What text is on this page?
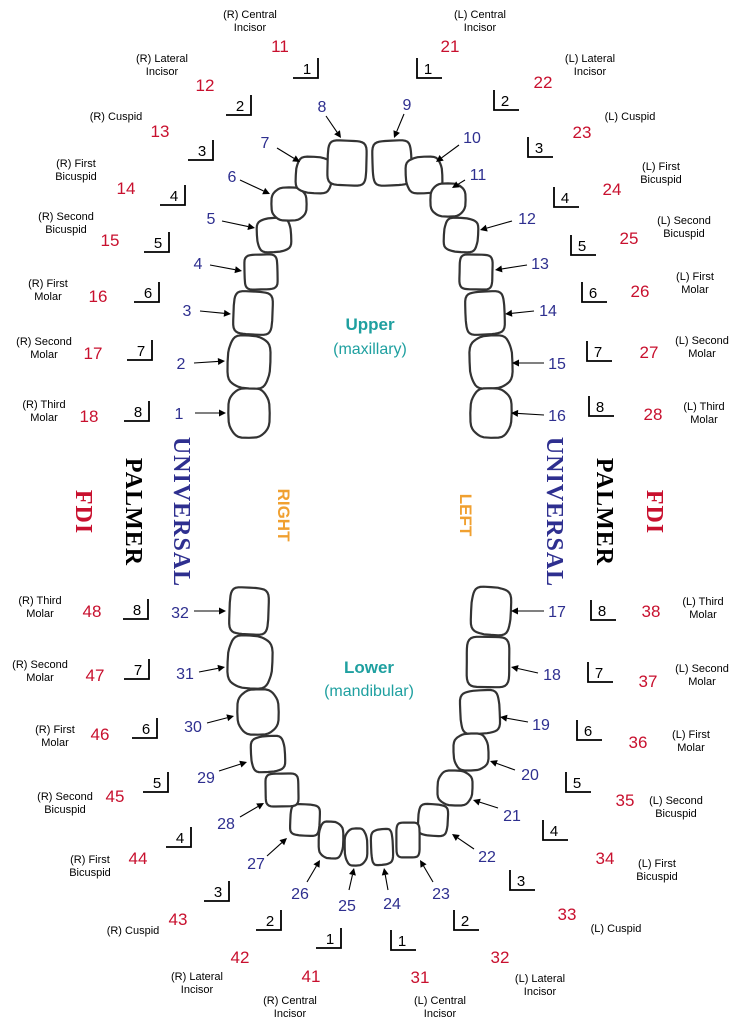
1
8
18
(R) Third
Molar
2
7
17
(R) Second
Molar
3
6
16
(R) First
Molar
4
5
15
(R) Second
Bicuspid
5
4
14
(R) First
Bicuspid	6
3
13
(R) Cuspid
7
2
12
(R) Lateral
Incisor
8
1
11
(R) Central
Incisor
9
1
21
(L) Central
Incisor
10
2
22
(L) Lateral
Incisor
11
3
23
(L) Cuspid
12
4 24
(L) First
Bicuspid
13
5 25
(L) Second
Bicuspid
14
6 26
(L) First
Molar
15
7 27
(L) Second
Molar
16
8 28 (L) Third
Molar
17 8 38 (L) Third
Molar
18 7 37
(L) Second
Molar
19 6
36 (L) First
Molar
20 5
35 (L) Second
Bicuspid
21
4
34 (L) First
Bicuspid
22
3
33
(L) Cuspid
23
2
32
(L) Lateral
Incisor
24
1
31
(L) Central
Incisor
25
1
41
(R) Central
Incisor
26
2
42
(R) Lateral
Incisor
27
3
43
(R) Cuspid
28
4
44
(R) First
Bicuspid
29
5
45
(R) Second
Bicuspid
30
6
46
(R) First
Molar
31
7
47
(R) Second
Molar
32
8
48
(R) Third
Molar
Upper
(maxillary)
Lower
(mandibular)
RIGHT	LEFT
FDI PALMER UNIVERSAL	UNIVERSAL PALMER FDI
